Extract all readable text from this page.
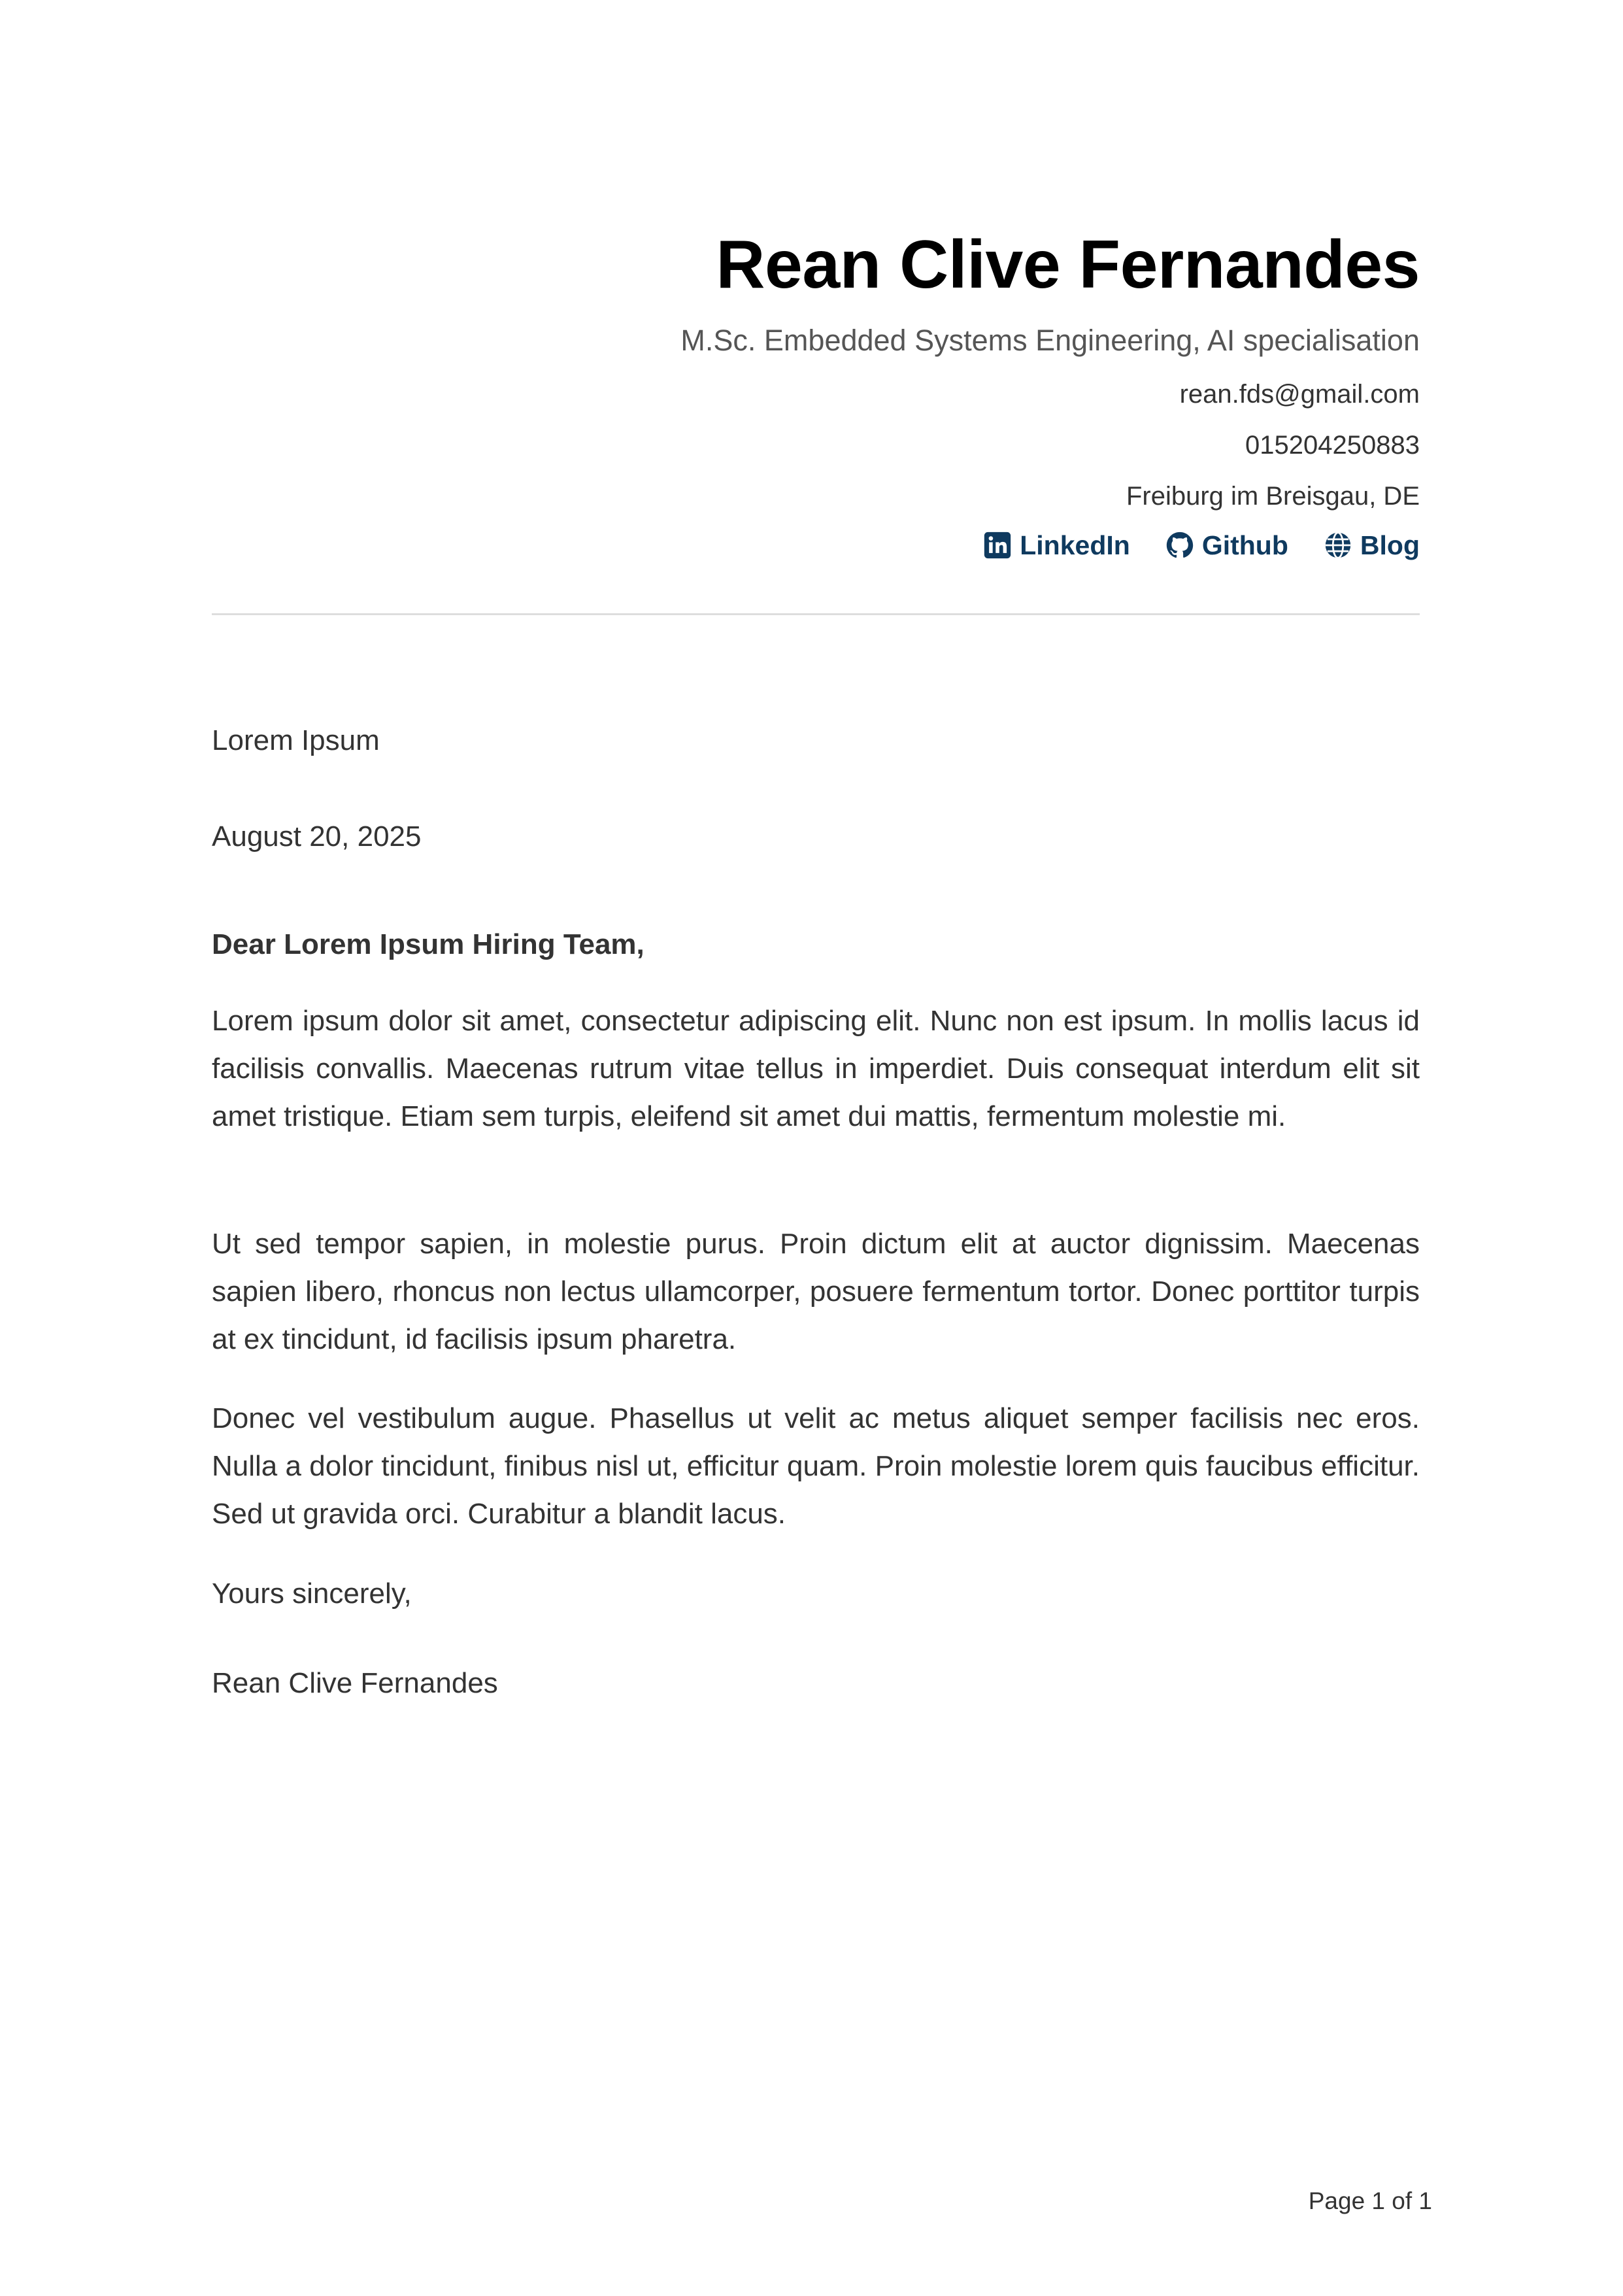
Rean Clive Fernandes
M.Sc. Embedded Systems Engineering, AI specialisation
rean.fds@gmail.com
015204250883
Freiburg im Breisgau, DE
LinkedIn	Github	Blog
Lorem Ipsum
August 20, 2025
Dear Lorem Ipsum Hiring Team,
Lorem ipsum dolor sit amet, consectetur adipiscing elit. Nunc non est ipsum. In mollis lacus id facilisis convallis. Maecenas rutrum vitae tellus in imperdiet. Duis consequat interdum elit sit amet tristique. Etiam sem turpis, eleifend sit amet dui mattis, fermentum molestie mi.
Ut sed tempor sapien, in molestie purus. Proin dictum elit at auctor dignissim. Maecenas sapien libero, rhoncus non lectus ullamcorper, posuere fermentum tortor. Donec porttitor turpis at ex tincidunt, id facilisis ipsum pharetra.
Donec vel vestibulum augue. Phasellus ut velit ac metus aliquet semper facilisis nec eros. Nulla a dolor tincidunt, finibus nisl ut, efficitur quam. Proin molestie lorem quis faucibus efficitur. Sed ut gravida orci. Curabitur a blandit lacus.
Yours sincerely,
Rean Clive Fernandes
Page 1 of 1
